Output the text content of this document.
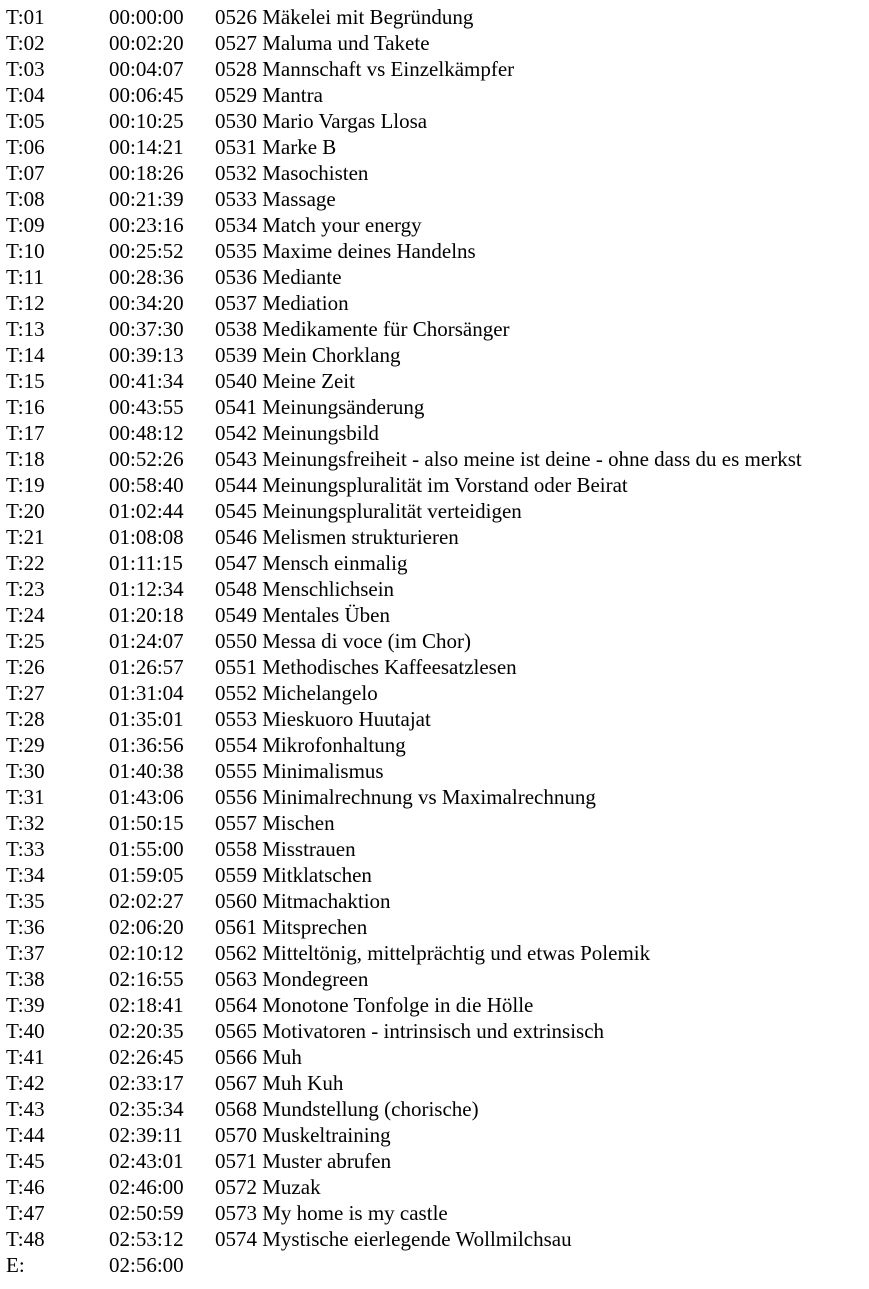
T:01	00:00:00	0526 Mäkelei mit Begründung
T:02	00:02:20	0527 Maluma und Takete
T:03	00:04:07	0528 Mannschaft vs Einzelkämpfer
T:04	00:06:45	0529 Mantra
T:05	00:10:25	0530 Mario Vargas Llosa
T:06	00:14:21	0531 Marke B
T:07	00:18:26	0532 Masochisten
T:08	00:21:39	0533 Massage
T:09	00:23:16	0534 Match your energy
T:10	00:25:52	0535 Maxime deines Handelns
T:11	00:28:36	0536 Mediante
T:12	00:34:20	0537 Mediation
T:13	00:37:30	0538 Medikamente für Chorsänger
T:14	00:39:13	0539 Mein Chorklang
T:15	00:41:34	0540 Meine Zeit
T:16	00:43:55	0541 Meinungsänderung
T:17	00:48:12	0542 Meinungsbild
T:18	00:52:26	0543 Meinungsfreiheit - also meine ist deine - ohne dass du es merkst
T:19	00:58:40	0544 Meinungspluralität im Vorstand oder Beirat
T:20	01:02:44	0545 Meinungspluralität verteidigen
T:21	01:08:08	0546 Melismen strukturieren
T:22	01:11:15	0547 Mensch einmalig
T:23	01:12:34	0548 Menschlichsein
T:24	01:20:18	0549 Mentales Üben
T:25	01:24:07	0550 Messa di voce (im Chor)
T:26	01:26:57	0551 Methodisches Kaffeesatzlesen
T:27	01:31:04	0552 Michelangelo
T:28	01:35:01	0553 Mieskuoro Huutajat
T:29	01:36:56	0554 Mikrofonhaltung
T:30	01:40:38	0555 Minimalismus
T:31	01:43:06	0556 Minimalrechnung vs Maximalrechnung
T:32	01:50:15	0557 Mischen
T:33	01:55:00	0558 Misstrauen
T:34	01:59:05	0559 Mitklatschen
T:35	02:02:27	0560 Mitmachaktion
T:36	02:06:20	0561 Mitsprechen
T:37	02:10:12	0562 Mitteltönig, mittelprächtig und etwas Polemik
T:38	02:16:55	0563 Mondegreen
T:39	02:18:41	0564 Monotone Tonfolge in die Hölle
T:40	02:20:35	0565 Motivatoren - intrinsisch und extrinsisch
T:41	02:26:45	0566 Muh
T:42	02:33:17	0567 Muh Kuh
T:43	02:35:34	0568 Mundstellung (chorische)
T:44	02:39:11	0570 Muskeltraining
T:45	02:43:01	0571 Muster abrufen
T:46	02:46:00	0572 Muzak
T:47	02:50:59	0573 My home is my castle
T:48	02:53:12	0574 Mystische eierlegende Wollmilchsau
E:	02:56:00
